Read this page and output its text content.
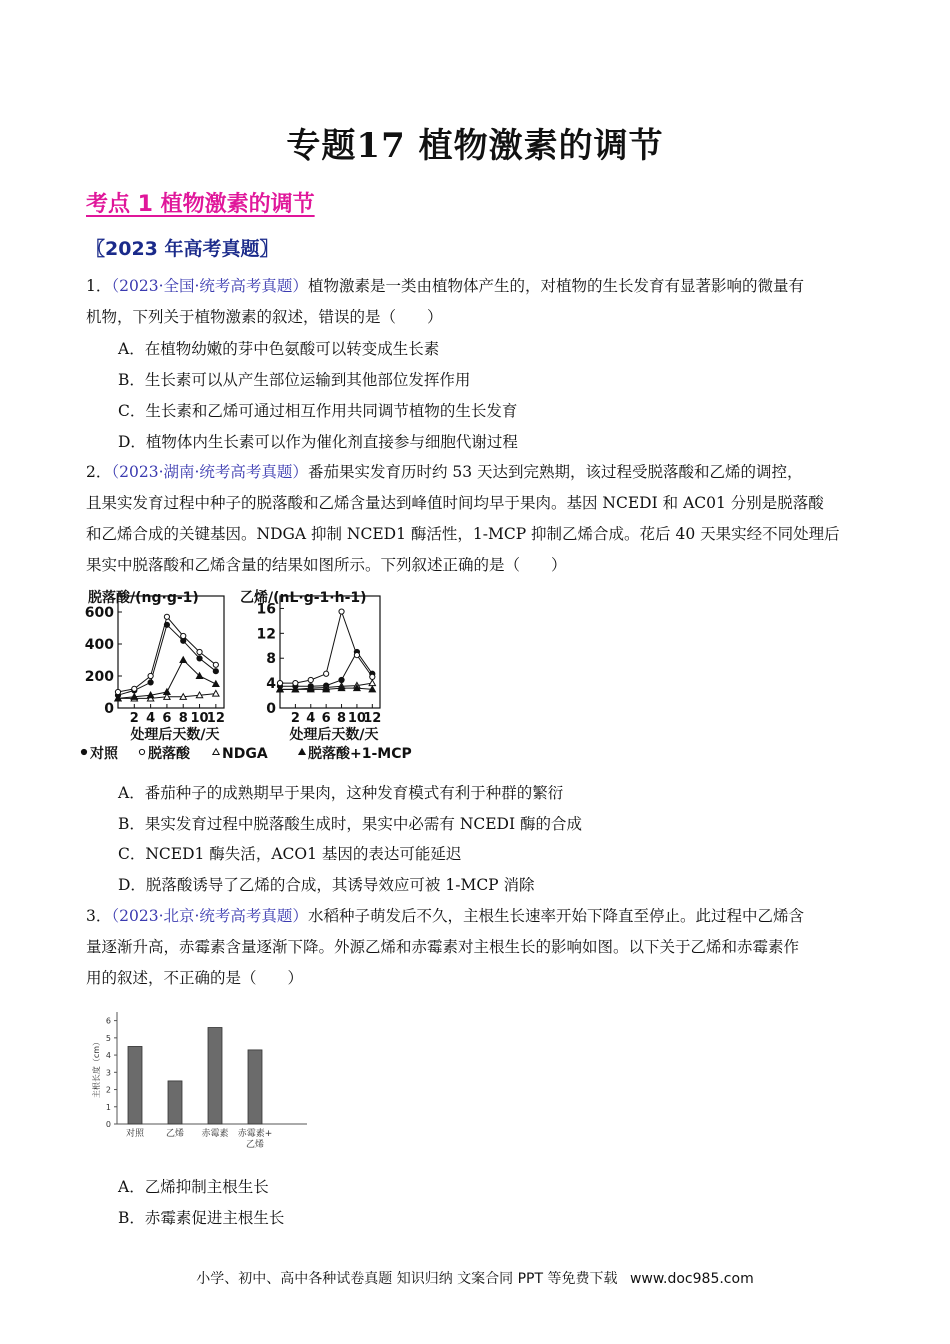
专题17 植物激素的调节
考点 1 植物激素的调节
〖2023 年高考真题〗
1．（2023·全国·统考高考真题）植物激素是一类由植物体产生的，对植物的生长发育有显著影响的微量有
机物，下列关于植物激素的叙述，错误的是（　　）
A．在植物幼嫩的芽中色氨酸可以转变成生长素
B．生长素可以从产生部位运输到其他部位发挥作用
C．生长素和乙烯可通过相互作用共同调节植物的生长发育
D．植物体内生长素可以作为催化剂直接参与细胞代谢过程
2．（2023·湖南·统考高考真题）番茄果实发育历时约 53 天达到完熟期，该过程受脱落酸和乙烯的调控，
且果实发育过程中种子的脱落酸和乙烯含量达到峰值时间均早于果肉。基因 NCEDI 和 AC01 分别是脱落酸
和乙烯合成的关键基因。NDGA 抑制 NCED1 酶活性，1-MCP 抑制乙烯合成。花后 40 天果实经不同处理后
果实中脱落酸和乙烯含量的结果如图所示。下列叙述正确的是（　　）
脱落酸/(ng·g-1)
0
200
400
600
2 4 6 8 10
12
处理后天数/天
乙烯/(nL·g-1·h-1)
0
4
8
12
16
2 4 6 8 10
12
处理后天数/天
对照 脱落酸 NDGA	脱落酸+1-MCP
A．番茄种子的成熟期早于果肉，这种发育模式有利于种群的繁衍
B．果实发育过程中脱落酸生成时，果实中必需有 NCEDI 酶的合成
C．NCED1 酶失活，ACO1 基因的表达可能延迟
D．脱落酸诱导了乙烯的合成，其诱导效应可被 1-MCP 消除
3．（2023·北京·统考高考真题）水稻种子萌发后不久，主根生长速率开始下降直至停止。此过程中乙烯含
量逐渐升高，赤霉素含量逐渐下降。外源乙烯和赤霉素对主根生长的影响如图。以下关于乙烯和赤霉素作
用的叙述，不正确的是（　　）
0
1
2
3
4
5
6
主根长度（cm）
对照 乙烯 赤霉素 赤霉素+
乙烯
A．乙烯抑制主根生长
B．赤霉素促进主根生长
小学、初中、高中各种试卷真题 知识归纳 文案合同 PPT 等免费下载 www.doc985.com
